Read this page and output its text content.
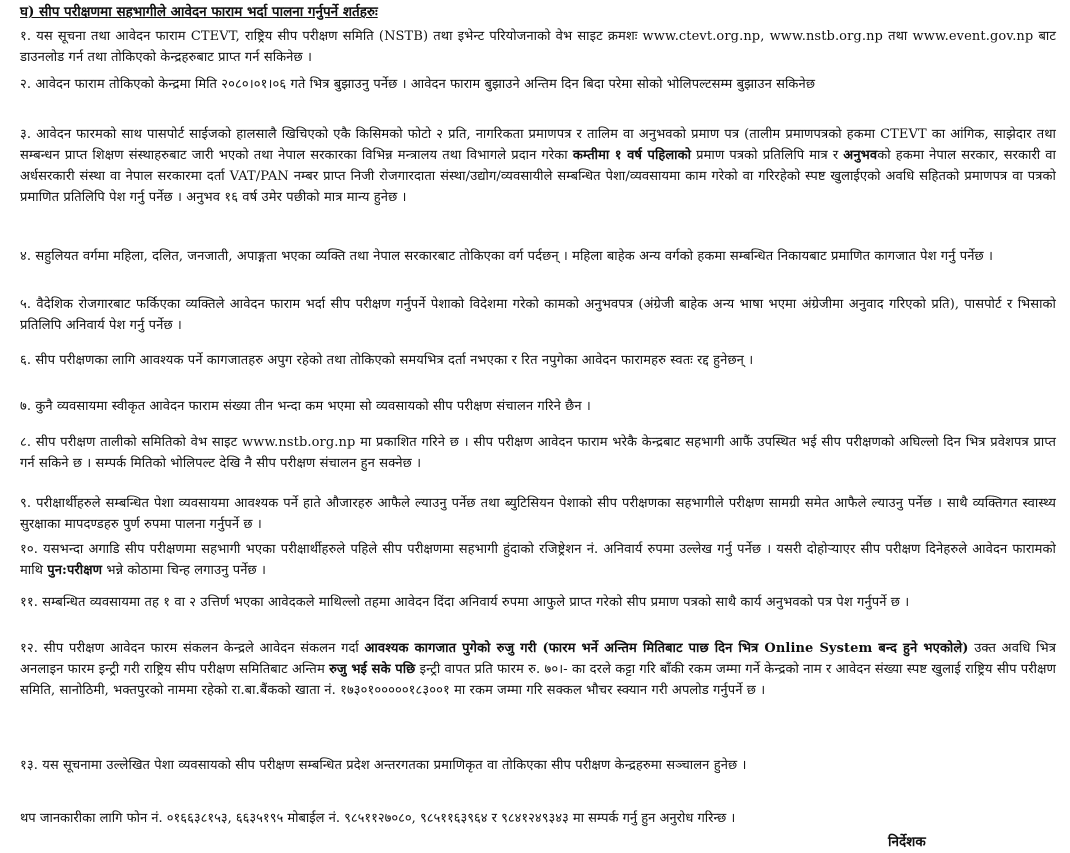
घ) सीप परीक्षणमा सहभागीले आवेदन फाराम भर्दा पालना गर्नुपर्ने शर्तहरुः
१. यस सूचना तथा आवेदन फाराम CTEVT, राष्ट्रिय सीप परीक्षण समिति (NSTB) तथा इभेन्ट परियोजनाको वेभ साइट क्रमशः www.ctevt.org.np, www.nstb.org.np तथा www.event.gov.np बाट डाउनलोड गर्न तथा तोकिएको केन्द्रहरुबाट प्राप्त गर्न सकिनेछ ।
२. आवेदन फाराम तोकिएको केन्द्रमा मिति २०८०।०१।०६ गते भित्र बुझाउनु पर्नेछ । आवेदन फाराम बुझाउने अन्तिम दिन बिदा परेमा सोको भोलिपल्टसम्म बुझाउन सकिनेछ
३. आवेदन फारमको साथ पासपोर्ट साईजको हालसालै खिचिएको एकै किसिमको फोटो २ प्रति, नागरिकता प्रमाणपत्र र तालिम वा अनुभवको प्रमाण पत्र (तालीम प्रमाणपत्रको हकमा CTEVT का आंगिक, साझेदार तथा सम्बन्धन प्राप्त शिक्षण संस्थाहरुबाट जारी भएको तथा नेपाल सरकारका विभिन्न मन्त्रालय तथा विभागले प्रदान गरेका कम्तीमा १ वर्ष पहिलाको प्रमाण पत्रको प्रतिलिपि मात्र र अनुभवको हकमा नेपाल सरकार, सरकारी वा अर्धसरकारी संस्था वा नेपाल सरकारमा दर्ता VAT/PAN नम्बर प्राप्त निजी रोजगारदाता संस्था/उद्योग/व्यवसायीले सम्बन्धित पेशा/व्यवसायमा काम गरेको वा गरिरहेको स्पष्ट खुलाईएको अवधि सहितको प्रमाणपत्र वा पत्रको प्रमाणित प्रतिलिपि पेश गर्नु पर्नेछ । अनुभव १६ वर्ष उमेर पछीको मात्र मान्य हुनेछ ।
४. सहुलियत वर्गमा महिला, दलित, जनजाती, अपाङ्गता भएका व्यक्ति तथा नेपाल सरकारबाट तोकिएका वर्ग पर्दछन् । महिला बाहेक अन्य वर्गको हकमा सम्बन्धित निकायबाट प्रमाणित कागजात पेश गर्नु पर्नेछ ।
५. वैदेशिक रोजगारबाट फर्किएका व्यक्तिले आवेदन फाराम भर्दा सीप परीक्षण गर्नुपर्ने पेशाको विदेशमा गरेको कामको अनुभवपत्र (अंग्रेजी बाहेक अन्य भाषा भएमा अंग्रेजीमा अनुवाद गरिएको प्रति), पासपोर्ट र भिसाको प्रतिलिपि अनिवार्य पेश गर्नु पर्नेछ ।
६. सीप परीक्षणका लागि आवश्यक पर्ने कागजातहरु अपुग रहेको तथा तोकिएको समयभित्र दर्ता नभएका र रित नपुगेका आवेदन फारामहरु स्वतः रद्द हुनेछन् ।
७. कुनै व्यवसायमा स्वीकृत आवेदन फाराम संख्या तीन भन्दा कम भएमा सो व्यवसायको सीप परीक्षण संचालन गरिने छैन ।
८. सीप परीक्षण तालीकाे समितिको वेभ साइट www.nstb.org.np मा प्रकाशित गरिने छ । सीप परीक्षण आवेदन फाराम भरेकै केन्द्रबाट सहभागी आफैं उपस्थित भई सीप परीक्षणको अघिल्लो दिन भित्र प्रवेशपत्र प्राप्त गर्न सकिने छ । सम्पर्क मितिको भोलिपल्ट देखि नै सीप परीक्षण संचालन हुन सक्नेछ ।
९. परीक्षार्थीहरुले सम्बन्धित पेशा व्यवसायमा आवश्यक पर्ने हाते औजारहरु आफैले ल्याउनु पर्नेछ तथा ब्युटिसियन पेशाको सीप परीक्षणका सहभागीले परीक्षण सामग्री समेत आफैले ल्याउनु पर्नेछ । साथै व्यक्तिगत स्वास्थ्य सुरक्षाका मापदण्डहरु पुर्ण रुपमा पालना गर्नुपर्ने छ ।
१०. यसभन्दा अगाडि सीप परीक्षणमा सहभागी भएका परीक्षार्थीहरुले पहिले सीप परीक्षणमा सहभागी हुंदाको रजिष्ट्रेशन नं. अनिवार्य रुपमा उल्लेख गर्नु पर्नेछ । यसरी दोहोऱ्याएर सीप परीक्षण दिनेहरुले आवेदन फारामको माथि पुन:परीक्षण भन्ने कोठामा चिन्ह लगाउनु पर्नेछ ।
११. सम्बन्धित व्यवसायमा तह १ वा २ उत्तिर्ण भएका आवेदकले माथिल्लो तहमा आवेदन दिंदा अनिवार्य रुपमा आफुले प्राप्त गरेको सीप प्रमाण पत्रको साथै कार्य अनुभवको पत्र पेश गर्नुपर्ने छ ।
१२. सीप परीक्षण आवेदन फारम संकलन केन्द्रले आवेदन संकलन गर्दा आवश्यक कागजात पुगेको रुजु गरी (फारम भर्ने अन्तिम मितिबाट पाछ दिन भित्र Online System बन्द हुने भएकोले) उक्त अवधि भित्र अनलाइन फारम इन्ट्री गरी राष्ट्रिय सीप परीक्षण समितिबाट अन्तिम रुजु भई सके पछि इन्ट्री वापत प्रति फारम रु. ७०।- का दरले कट्टा गरि बाँकी रकम जम्मा गर्ने केन्द्रको नाम र आवेदन संख्या स्पष्ट खुलाई राष्ट्रिय सीप परीक्षण समिति, सानोठिमी, भक्तपुरको नाममा रहेको रा.बा.बैंकको खाता नं. १७३०१०००००१८३००१ मा रकम जम्मा गरि सक्कल भौचर स्क्यान गरी अपलोड गर्नुपर्ने छ ।
१३. यस सूचनामा उल्लेखित पेशा व्यवसायको सीप परीक्षण सम्बन्धित प्रदेश अन्तरगतका प्रमाणिकृत वा तोकिएका सीप परीक्षण केन्द्रहरुमा सञ्चालन हुनेछ ।
थप जानकारीका लागि फोन नं. ०१६६३८१५३, ६६३५१९५ मोबाईल नं. ९८५११२७०८०, ९८५११६३९६४ र ९८४१२४९३४३ मा सम्पर्क गर्नु हुन अनुरोध गरिन्छ ।
निर्देशक
